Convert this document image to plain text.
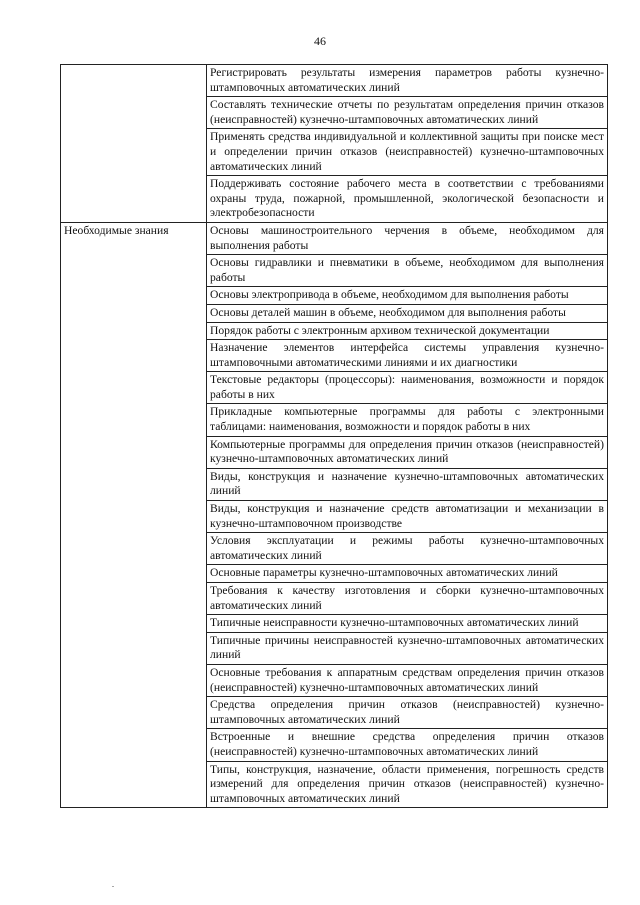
46
	Регистрировать результаты измерения параметров работы кузнечно-штамповочных автоматических линий
	Составлять технические отчеты по результатам определения причин отказов (неисправностей) кузнечно-штамповочных автоматических линий
	Применять средства индивидуальной и коллективной защиты при поиске мест и определении причин отказов (неисправностей) кузнечно-штамповочных автоматических линий
	Поддерживать состояние рабочего места в соответствии с требованиями охраны труда, пожарной, промышленной, экологической безопасности и электробезопасности
Необходимые знания	Основы машиностроительного черчения в объеме, необходимом для выполнения работы
	Основы гидравлики и пневматики в объеме, необходимом для выполнения работы
	Основы электропривода в объеме, необходимом для выполнения работы
	Основы деталей машин в объеме, необходимом для выполнения работы
	Порядок работы с электронным архивом технической документации
	Назначение элементов интерфейса системы управления кузнечно-штамповочными автоматическими линиями и их диагностики
	Текстовые редакторы (процессоры): наименования, возможности и порядок работы в них
	Прикладные компьютерные программы для работы с электронными таблицами: наименования, возможности и порядок работы в них
	Компьютерные программы для определения причин отказов (неисправностей) кузнечно-штамповочных автоматических линий
	Виды, конструкция и назначение кузнечно-штамповочных автоматических линий
	Виды, конструкция и назначение средств автоматизации и механизации в кузнечно-штамповочном производстве
	Условия эксплуатации и режимы работы кузнечно-штамповочных автоматических линий
	Основные параметры кузнечно-штамповочных автоматических линий
	Требования к качеству изготовления и сборки кузнечно-штамповочных автоматических линий
	Типичные неисправности кузнечно-штамповочных автоматических линий
	Типичные причины неисправностей кузнечно-штамповочных автоматических линий
	Основные требования к аппаратным средствам определения причин отказов (неисправностей) кузнечно-штамповочных автоматических линий
	Средства определения причин отказов (неисправностей) кузнечно-штамповочных автоматических линий
	Встроенные и внешние средства определения причин отказов (неисправностей) кузнечно-штамповочных автоматических линий
	Типы, конструкция, назначение, области применения, погрешность средств измерений для определения причин отказов (неисправностей) кузнечно-штамповочных автоматических линий
.
